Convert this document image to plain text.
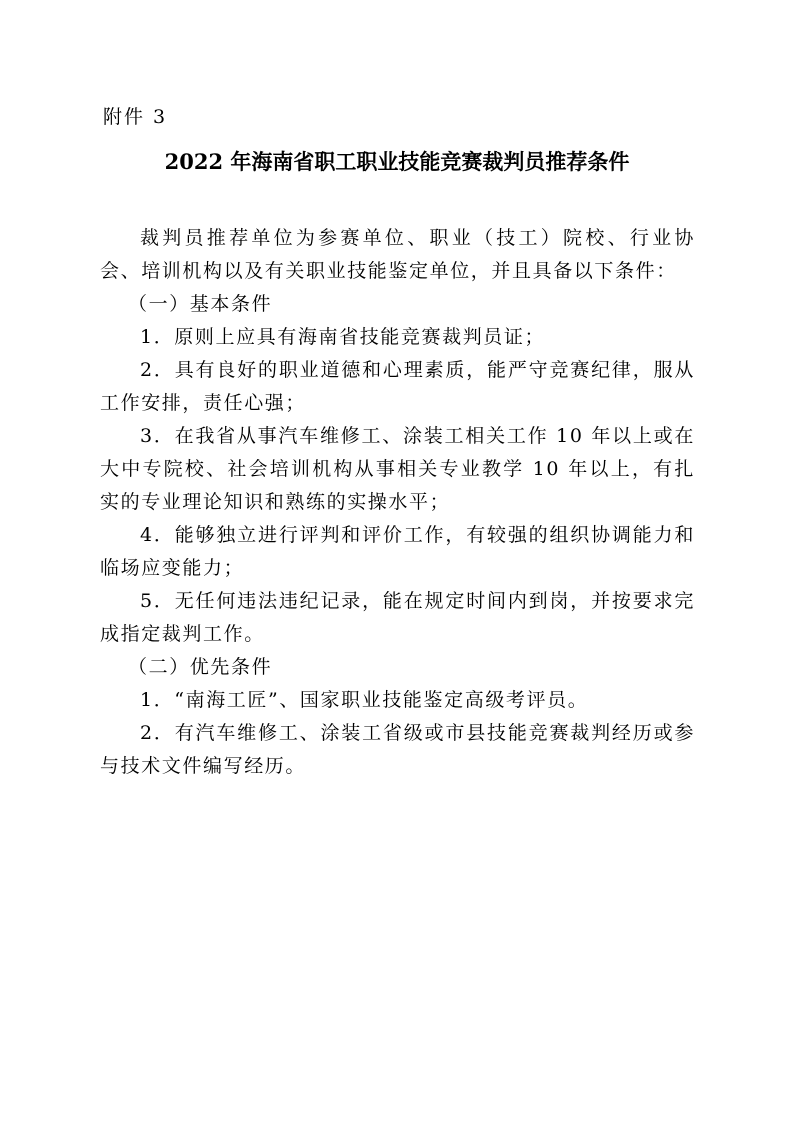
附件 3
2022 年海南省职工职业技能竞赛裁判员推荐条件

裁判员推荐单位为参赛单位、职业（技工）院校、行业协会、培训机构以及有关职业技能鉴定单位，并且具备以下条件：

（一）基本条件

1．原则上应具有海南省技能竞赛裁判员证；

2．具有良好的职业道德和心理素质，能严守竞赛纪律，服从工作安排，责任心强；

3．在我省从事汽车维修工、涂装工相关工作 10 年以上或在大中专院校、社会培训机构从事相关专业教学 10 年以上，有扎实的专业理论知识和熟练的实操水平；

4．能够独立进行评判和评价工作，有较强的组织协调能力和临场应变能力；

5．无任何违法违纪记录，能在规定时间内到岗，并按要求完成指定裁判工作。

（二）优先条件

1．“南海工匠”、国家职业技能鉴定高级考评员。

2．有汽车维修工、涂装工省级或市县技能竞赛裁判经历或参与技术文件编写经历。
